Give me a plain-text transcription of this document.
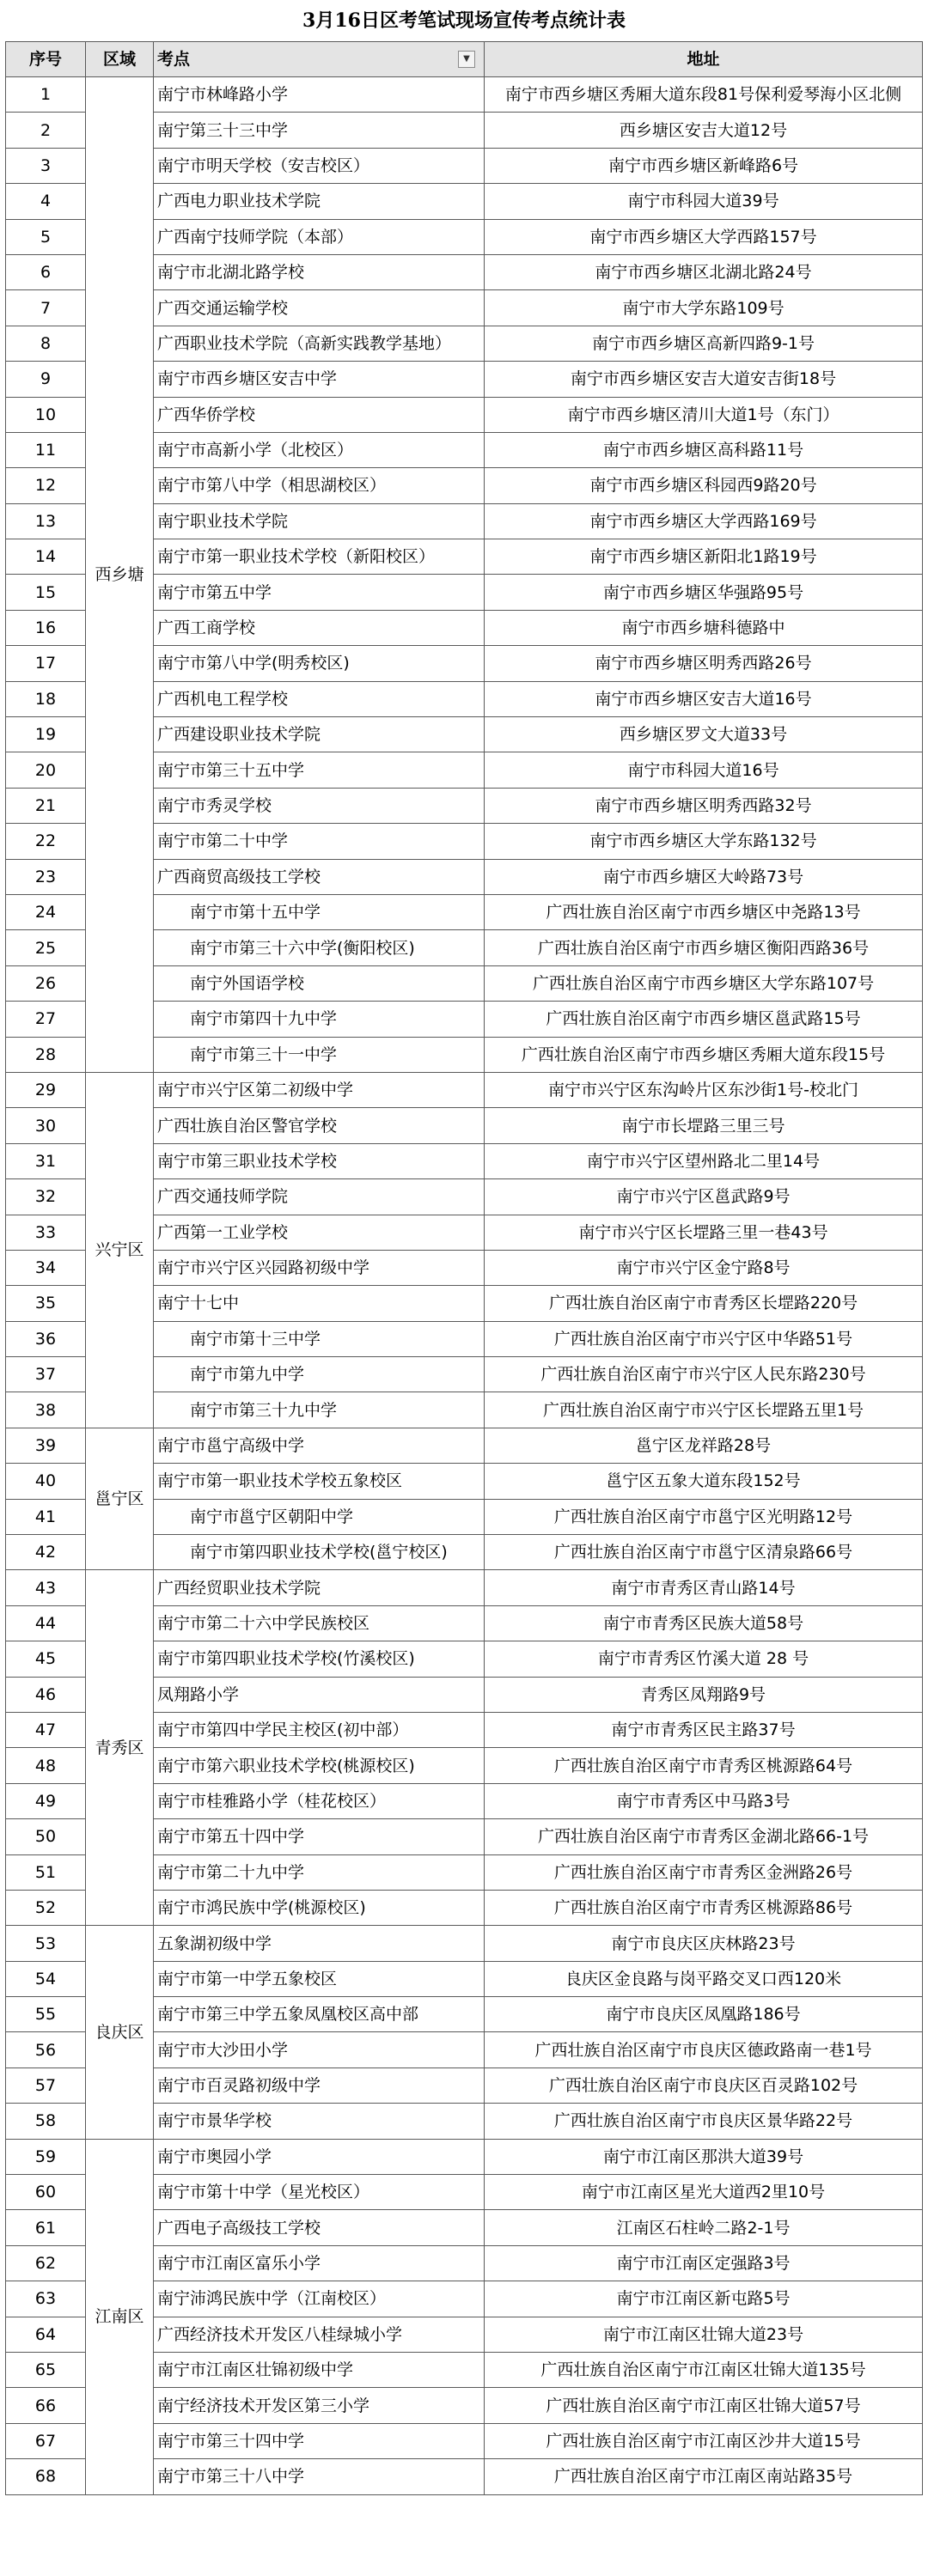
3月16日区考笔试现场宣传考点统计表
序号	区域	考点 ▼	地址
1	西乡塘	南宁市林峰路小学	南宁市西乡塘区秀厢大道东段81号保利爱琴海小区北侧
2		南宁第三十三中学	西乡塘区安吉大道12号
3		南宁市明天学校（安吉校区）	南宁市西乡塘区新峰路6号
4		广西电力职业技术学院	南宁市科园大道39号
5		广西南宁技师学院（本部）	南宁市西乡塘区大学西路157号
6		南宁市北湖北路学校	南宁市西乡塘区北湖北路24号
7		广西交通运输学校	南宁市大学东路109号
8		广西职业技术学院（高新实践教学基地）	南宁市西乡塘区高新四路9-1号
9		南宁市西乡塘区安吉中学	南宁市西乡塘区安吉大道安吉街18号
10		广西华侨学校	南宁市西乡塘区清川大道1号（东门）
11		南宁市高新小学（北校区）	南宁市西乡塘区高科路11号
12		南宁市第八中学（相思湖校区）	南宁市西乡塘区科园西9路20号
13		南宁职业技术学院	南宁市西乡塘区大学西路169号
14		南宁市第一职业技术学校（新阳校区）	南宁市西乡塘区新阳北1路19号
15		南宁市第五中学	南宁市西乡塘区华强路95号
16		广西工商学校	南宁市西乡塘科德路中
17		南宁市第八中学(明秀校区)	南宁市西乡塘区明秀西路26号
18		广西机电工程学校	南宁市西乡塘区安吉大道16号
19		广西建设职业技术学院	西乡塘区罗文大道33号
20		南宁市第三十五中学	南宁市科园大道16号
21		南宁市秀灵学校	南宁市西乡塘区明秀西路32号
22		南宁市第二十中学	南宁市西乡塘区大学东路132号
23		广西商贸高级技工学校	南宁市西乡塘区大岭路73号
24		南宁市第十五中学	广西壮族自治区南宁市西乡塘区中尧路13号
25		南宁市第三十六中学(衡阳校区)	广西壮族自治区南宁市西乡塘区衡阳西路36号
26		南宁外国语学校	广西壮族自治区南宁市西乡塘区大学东路107号
27		南宁市第四十九中学	广西壮族自治区南宁市西乡塘区邕武路15号
28		南宁市第三十一中学	广西壮族自治区南宁市西乡塘区秀厢大道东段15号
29	兴宁区	南宁市兴宁区第二初级中学	南宁市兴宁区东沟岭片区东沙街1号-校北门
30		广西壮族自治区警官学校	南宁市长堽路三里三号
31		南宁市第三职业技术学校	南宁市兴宁区望州路北二里14号
32		广西交通技师学院	南宁市兴宁区邕武路9号
33		广西第一工业学校	南宁市兴宁区长堽路三里一巷43号
34		南宁市兴宁区兴园路初级中学	南宁市兴宁区金宁路8号
35		南宁十七中	广西壮族自治区南宁市青秀区长堽路220号
36		南宁市第十三中学	广西壮族自治区南宁市兴宁区中华路51号
37		南宁市第九中学	广西壮族自治区南宁市兴宁区人民东路230号
38		南宁市第三十九中学	广西壮族自治区南宁市兴宁区长堽路五里1号
39	邕宁区	南宁市邕宁高级中学	邕宁区龙祥路28号
40		南宁市第一职业技术学校五象校区	邕宁区五象大道东段152号
41		南宁市邕宁区朝阳中学	广西壮族自治区南宁市邕宁区光明路12号
42		南宁市第四职业技术学校(邕宁校区)	广西壮族自治区南宁市邕宁区清泉路66号
43	青秀区	广西经贸职业技术学院	南宁市青秀区青山路14号
44		南宁市第二十六中学民族校区	南宁市青秀区民族大道58号
45		南宁市第四职业技术学校(竹溪校区)	南宁市青秀区竹溪大道 28 号
46		凤翔路小学	青秀区凤翔路9号
47		南宁市第四中学民主校区(初中部）	南宁市青秀区民主路37号
48		南宁市第六职业技术学校(桃源校区)	广西壮族自治区南宁市青秀区桃源路64号
49		南宁市桂雅路小学（桂花校区）	南宁市青秀区中马路3号
50		南宁市第五十四中学	广西壮族自治区南宁市青秀区金湖北路66-1号
51		南宁市第二十九中学	广西壮族自治区南宁市青秀区金洲路26号
52		南宁市鸿民族中学(桃源校区)	广西壮族自治区南宁市青秀区桃源路86号
53	良庆区	五象湖初级中学	南宁市良庆区庆林路23号
54		南宁市第一中学五象校区	良庆区金良路与岗平路交叉口西120米
55		南宁市第三中学五象凤凰校区高中部	南宁市良庆区凤凰路186号
56		南宁市大沙田小学	广西壮族自治区南宁市良庆区德政路南一巷1号
57		南宁市百灵路初级中学	广西壮族自治区南宁市良庆区百灵路102号
58		南宁市景华学校	广西壮族自治区南宁市良庆区景华路22号
59	江南区	南宁市奥园小学	南宁市江南区那洪大道39号
60		南宁市第十中学（星光校区）	南宁市江南区星光大道西2里10号
61		广西电子高级技工学校	江南区石柱岭二路2-1号
62		南宁市江南区富乐小学	南宁市江南区定强路3号
63		南宁沛鸿民族中学（江南校区）	南宁市江南区新屯路5号
64		广西经济技术开发区八桂绿城小学	南宁市江南区壮锦大道23号
65		南宁市江南区壮锦初级中学	广西壮族自治区南宁市江南区壮锦大道135号
66		南宁经济技术开发区第三小学	广西壮族自治区南宁市江南区壮锦大道57号
67		南宁市第三十四中学	广西壮族自治区南宁市江南区沙井大道15号
68		南宁市第三十八中学	广西壮族自治区南宁市江南区南站路35号
